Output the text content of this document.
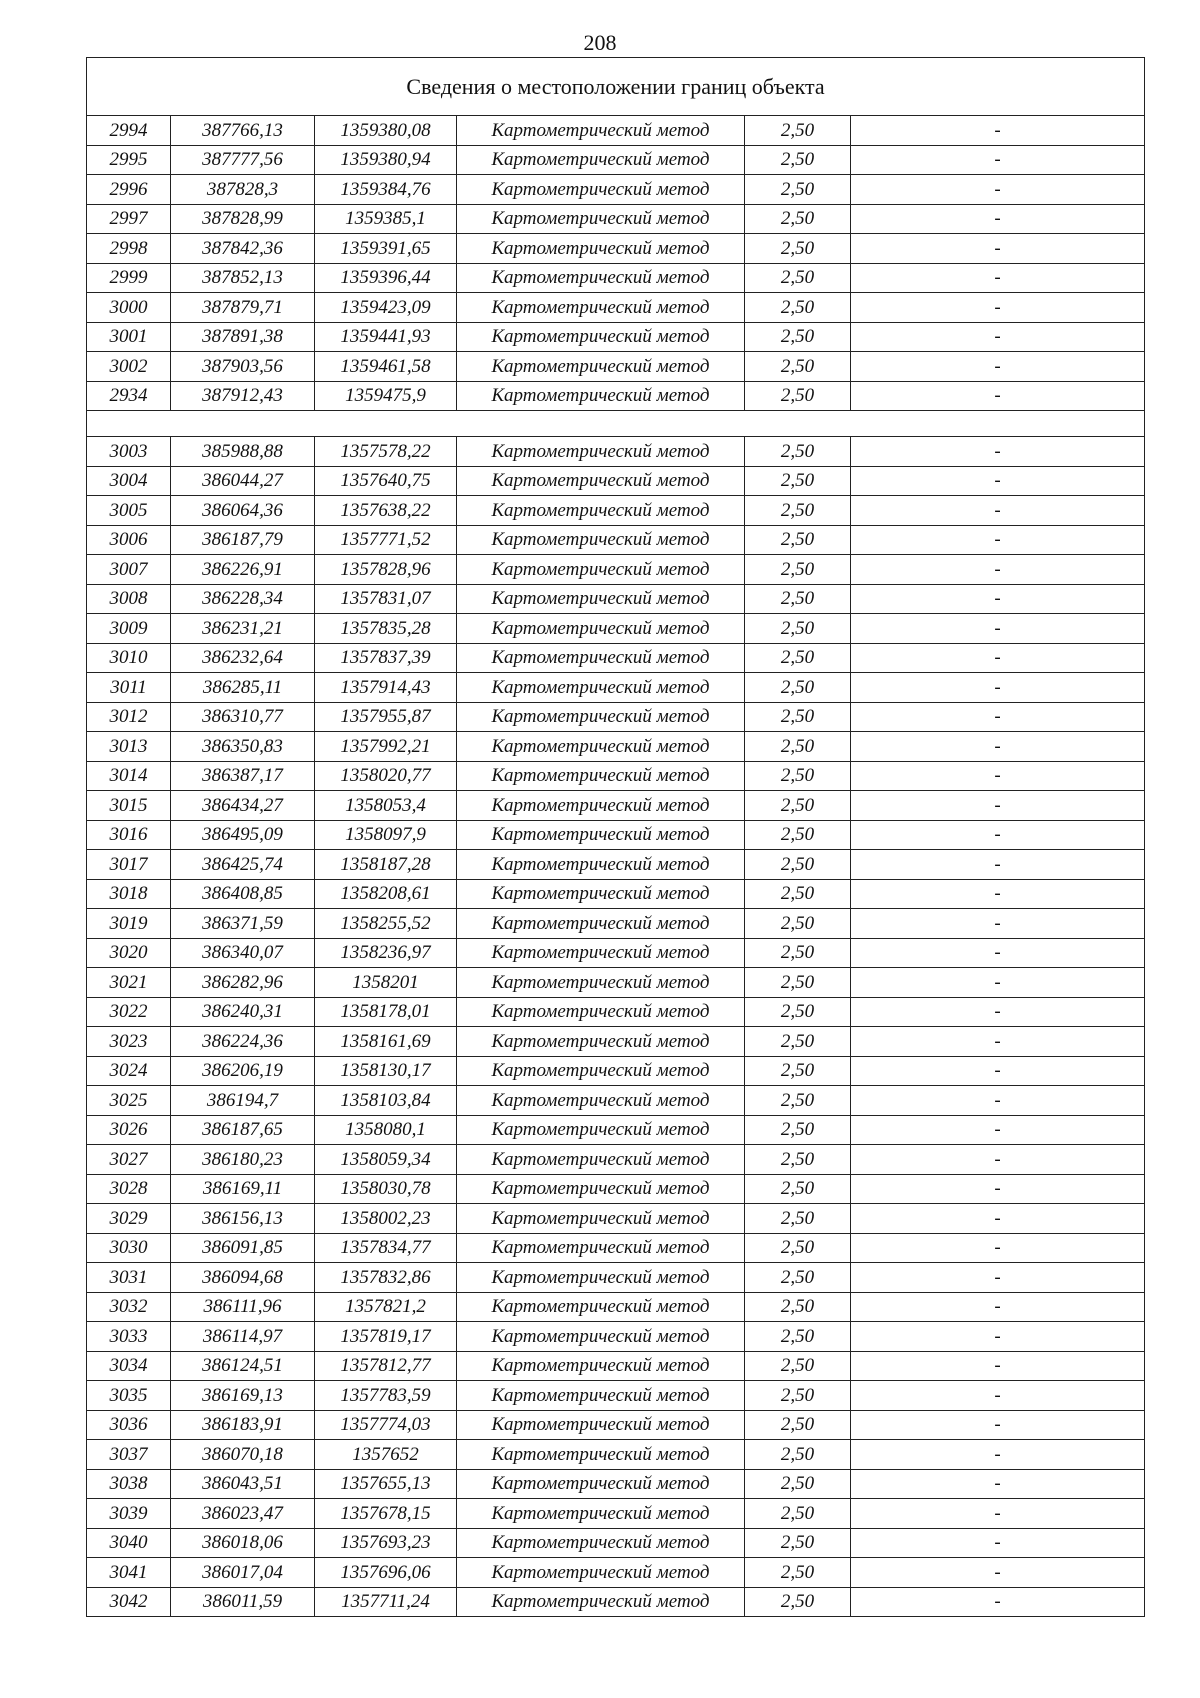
208
Сведения о местоположении границ объекта					
2994	387766,13	1359380,08	Картометрический метод	2,50	-
2995	387777,56	1359380,94	Картометрический метод	2,50	-
2996	387828,3	1359384,76	Картометрический метод	2,50	-
2997	387828,99	1359385,1	Картометрический метод	2,50	-
2998	387842,36	1359391,65	Картометрический метод	2,50	-
2999	387852,13	1359396,44	Картометрический метод	2,50	-
3000	387879,71	1359423,09	Картометрический метод	2,50	-
3001	387891,38	1359441,93	Картометрический метод	2,50	-
3002	387903,56	1359461,58	Картометрический метод	2,50	-
2934	387912,43	1359475,9	Картометрический метод	2,50	-

3003	385988,88	1357578,22	Картометрический метод	2,50	-
3004	386044,27	1357640,75	Картометрический метод	2,50	-
3005	386064,36	1357638,22	Картометрический метод	2,50	-
3006	386187,79	1357771,52	Картометрический метод	2,50	-
3007	386226,91	1357828,96	Картометрический метод	2,50	-
3008	386228,34	1357831,07	Картометрический метод	2,50	-
3009	386231,21	1357835,28	Картометрический метод	2,50	-
3010	386232,64	1357837,39	Картометрический метод	2,50	-
3011	386285,11	1357914,43	Картометрический метод	2,50	-
3012	386310,77	1357955,87	Картометрический метод	2,50	-
3013	386350,83	1357992,21	Картометрический метод	2,50	-
3014	386387,17	1358020,77	Картометрический метод	2,50	-
3015	386434,27	1358053,4	Картометрический метод	2,50	-
3016	386495,09	1358097,9	Картометрический метод	2,50	-
3017	386425,74	1358187,28	Картометрический метод	2,50	-
3018	386408,85	1358208,61	Картометрический метод	2,50	-
3019	386371,59	1358255,52	Картометрический метод	2,50	-
3020	386340,07	1358236,97	Картометрический метод	2,50	-
3021	386282,96	1358201	Картометрический метод	2,50	-
3022	386240,31	1358178,01	Картометрический метод	2,50	-
3023	386224,36	1358161,69	Картометрический метод	2,50	-
3024	386206,19	1358130,17	Картометрический метод	2,50	-
3025	386194,7	1358103,84	Картометрический метод	2,50	-
3026	386187,65	1358080,1	Картометрический метод	2,50	-
3027	386180,23	1358059,34	Картометрический метод	2,50	-
3028	386169,11	1358030,78	Картометрический метод	2,50	-
3029	386156,13	1358002,23	Картометрический метод	2,50	-
3030	386091,85	1357834,77	Картометрический метод	2,50	-
3031	386094,68	1357832,86	Картометрический метод	2,50	-
3032	386111,96	1357821,2	Картометрический метод	2,50	-
3033	386114,97	1357819,17	Картометрический метод	2,50	-
3034	386124,51	1357812,77	Картометрический метод	2,50	-
3035	386169,13	1357783,59	Картометрический метод	2,50	-
3036	386183,91	1357774,03	Картометрический метод	2,50	-
3037	386070,18	1357652	Картометрический метод	2,50	-
3038	386043,51	1357655,13	Картометрический метод	2,50	-
3039	386023,47	1357678,15	Картометрический метод	2,50	-
3040	386018,06	1357693,23	Картометрический метод	2,50	-
3041	386017,04	1357696,06	Картометрический метод	2,50	-
3042	386011,59	1357711,24	Картометрический метод	2,50	-
